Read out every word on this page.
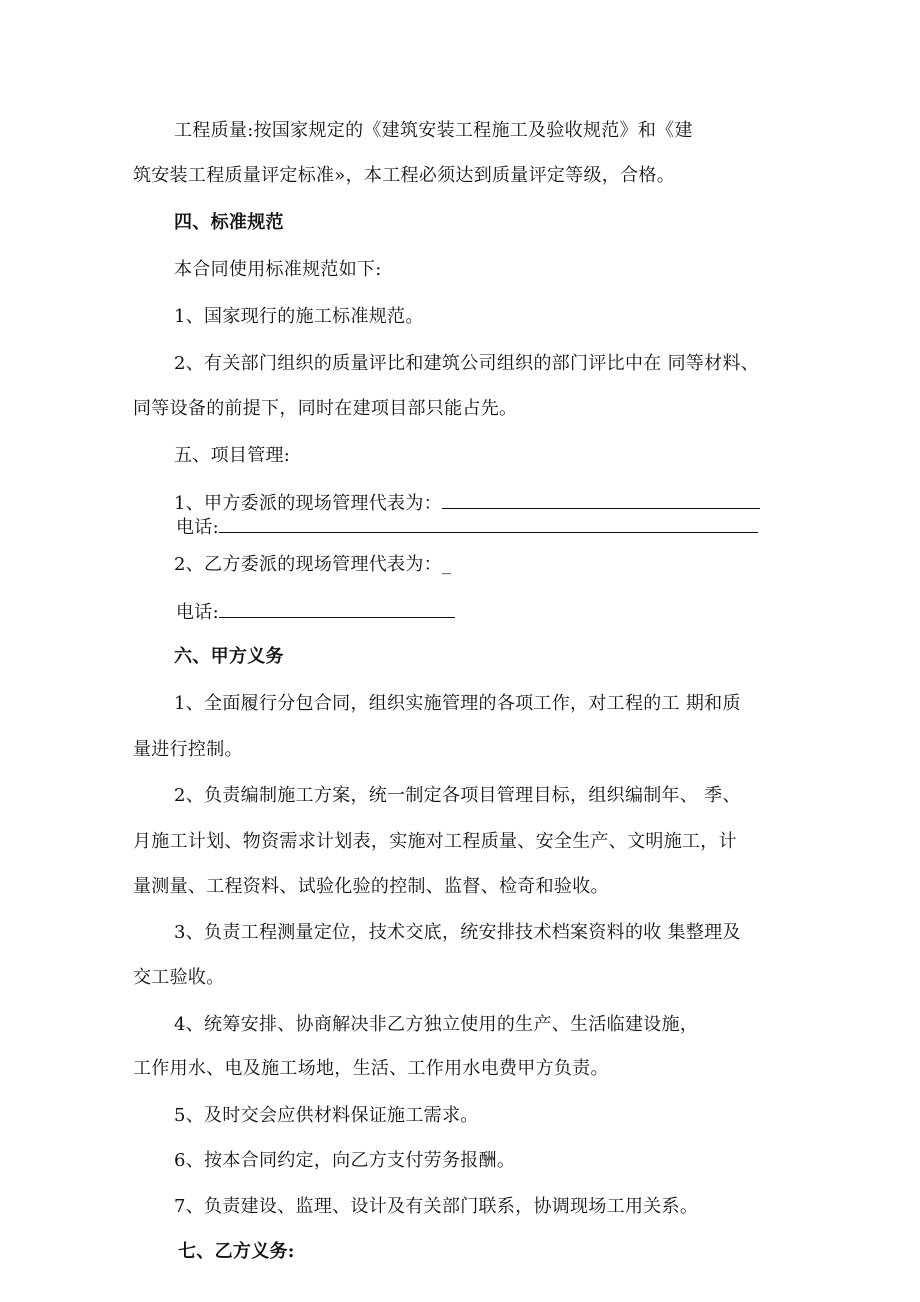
工程质量:按国家规定的《建筑安装工程施工及验收规范》和《建
筑安装工程质量评定标准»，本工程必须达到质量评定等级，合格。
四、标准规范
本合同使用标准规范如下:
1、国家现行的施工标准规范。
2、有关部门组织的质量评比和建筑公司组织的部门评比中在 同等材料、
同等设备的前提下，同时在建项目部只能占先。
五、项目管理:
1、甲方委派的现场管理代表为：
电话:
2、乙方委派的现场管理代表为：_
电话:
六、甲方义务
1、全面履行分包合同，组织实施管理的各项工作，对工程的工 期和质
量进行控制。
2、负责编制施工方案，统一制定各项目管理目标，组织编制年、 季、
月施工计划、物资需求计划表，实施对工程质量、安全生产、文明施工，计
量测量、工程资料、试验化验的控制、监督、检奇和验收。
3、负责工程测量定位，技术交底，统安排技术档案资料的收 集整理及
交工验收。
4、统筹安排、协商解决非乙方独立使用的生产、生活临建设施，
工作用水、电及施工场地，生活、工作用水电费甲方负责。
5、及时交会应供材料保证施工需求。
6、按本合同约定，向乙方支付劳务报酬。
7、负责建设、监理、设计及有关部门联系，协调现场工用关系。
七、乙方义务:
